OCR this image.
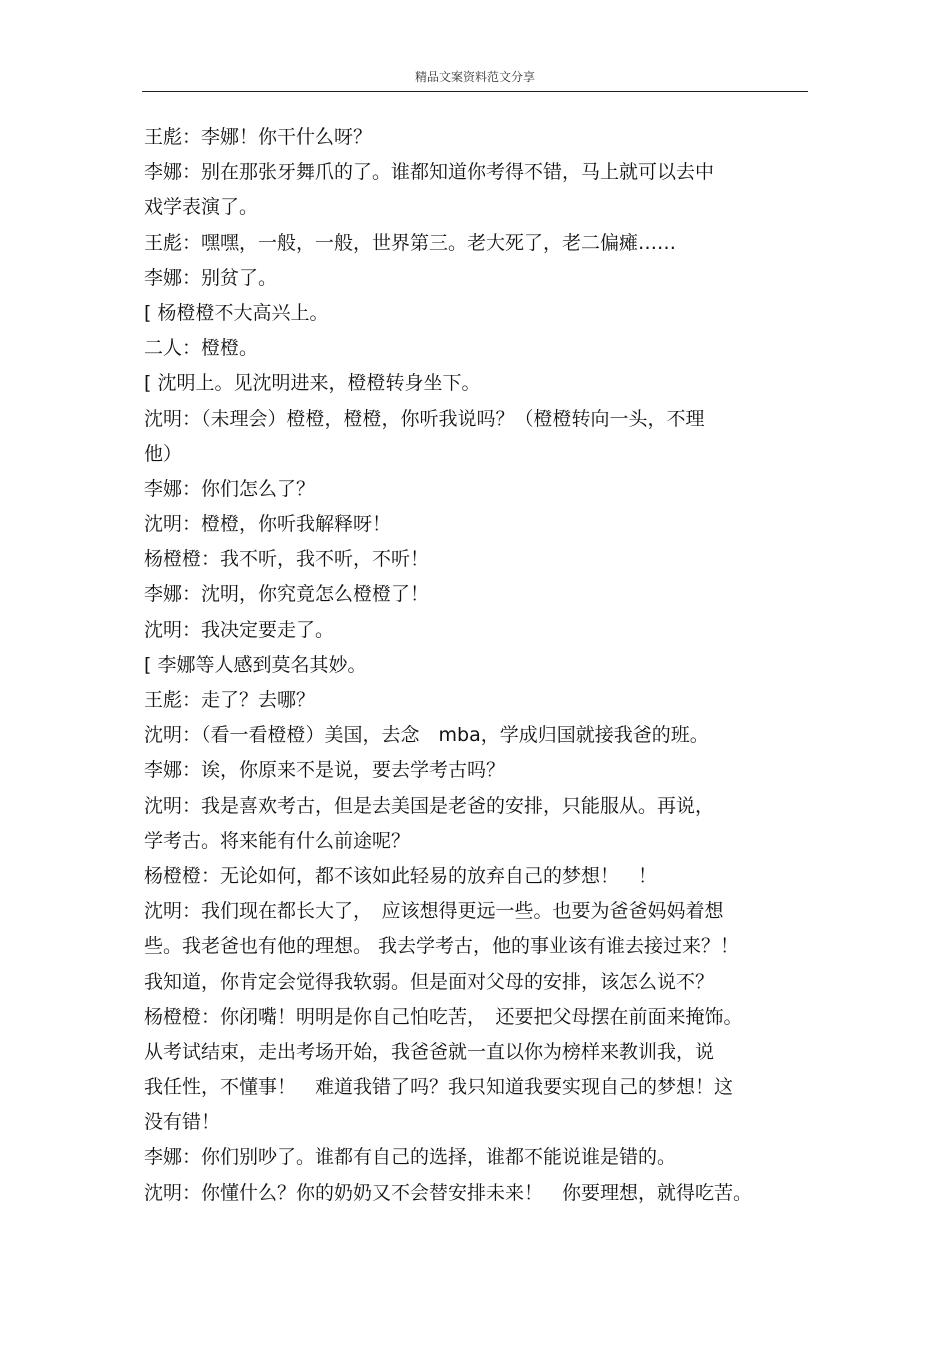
精品文案资料范文分享
王彪：李娜！你干什么呀？
李娜：别在那张牙舞爪的了。谁都知道你考得不错，马上就可以去中
戏学表演了。
王彪：嘿嘿，一般，一般，世界第三。老大死了，老二偏瘫……
李娜：别贫了。
[ 杨橙橙不大高兴上。
二人：橙橙。
[ 沈明上。见沈明进来，橙橙转身坐下。
沈明：（未理会）橙橙，橙橙，你听我说吗？（橙橙转向一头，不理
他）
李娜：你们怎么了？
沈明：橙橙，你听我解释呀！
杨橙橙：我不听，我不听，不听！
李娜：沈明，你究竟怎么橙橙了！
沈明：我决定要走了。
[ 李娜等人感到莫名其妙。
王彪：走了？去哪？
沈明：（看一看橙橙）美国，去念　mba，学成归国就接我爸的班。
李娜：诶，你原来不是说，要去学考古吗？
沈明：我是喜欢考古，但是去美国是老爸的安排，只能服从。再说，
学考古。将来能有什么前途呢？
杨橙橙：无论如何，都不该如此轻易的放弃自己的梦想！　！
沈明：我们现在都长大了，　应该想得更远一些。也要为爸爸妈妈着想
些。我老爸也有他的理想。 我去学考古，他的事业该有谁去接过来？！
我知道，你肯定会觉得我软弱。但是面对父母的安排，该怎么说不？
杨橙橙：你闭嘴！明明是你自己怕吃苦，　还要把父母摆在前面来掩饰。
从考试结束，走出考场开始，我爸爸就一直以你为榜样来教训我，说
我任性，不懂事！　难道我错了吗？我只知道我要实现自己的梦想！这
没有错！
李娜：你们别吵了。谁都有自己的选择，谁都不能说谁是错的。
沈明：你懂什么？你的奶奶又不会替安排未来！　你要理想，就得吃苦。
